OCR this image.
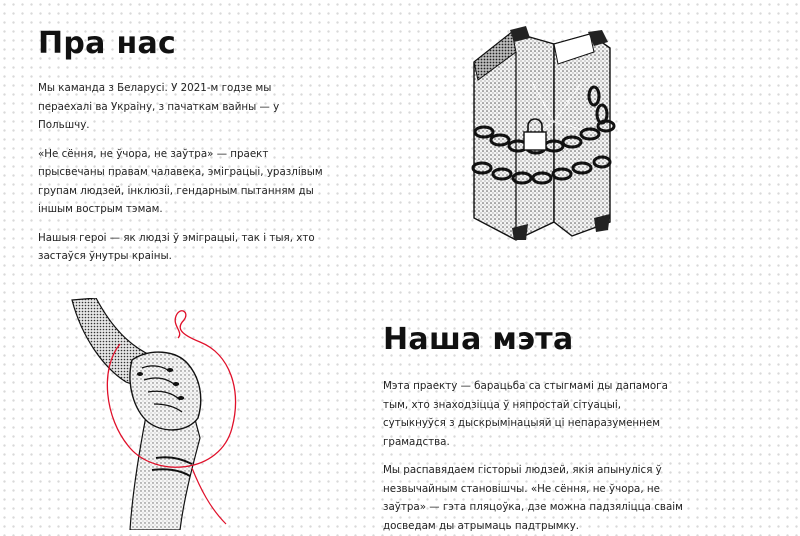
Пра нас

Мы каманда з Беларусі. У 2021-м годзе мы пераехалі ва Украіну, з пачаткам вайны — у Польшчу.

«Не сёння, не ўчора, не заўтра» — праект прысвечаны правам чалавека, эміграцыі, уразлівым групам людзей, інклюзіі, гендарным пытанням ды іншым вострым тэмам.

Нашыя героі — як людзі ў эміграцыі, так і тыя, хто застаўся ўнутры краіны.

Наша мэта

Мэта праекту — барацьба са стыгмамі ды дапамога тым, хто знаходзіцца ў няпростай сітуацыі, сутыкнуўся з дыскрымінацыяй ці непаразуменнем грамадства.

Мы распавядаем гісторыі людзей, якія апынуліся ў незвычайным становішчы. «Не сёння, не ўчора, не заўтра» — гэта пляцоўка, дзе можна падзяліцца сваім досведам ды атрымаць падтрымку.
